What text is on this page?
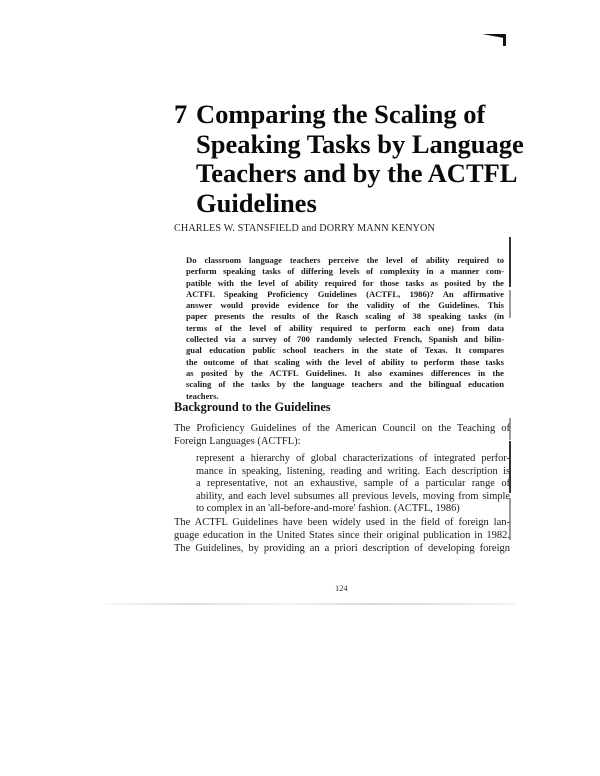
7 Comparing the Scaling of
Speaking Tasks by Language
Teachers and by the ACTFL
Guidelines
CHARLES W. STANSFIELD and DORRY MANN KENYON
Do classroom language teachers perceive the level of ability required to
perform speaking tasks of differing levels of complexity in a manner com-
patible with the level of ability required for those tasks as posited by the
ACTFL Speaking Proficiency Guidelines (ACTFL, 1986)? An affirmative
answer would provide evidence for the validity of the Guidelines. This
paper presents the results of the Rasch scaling of 38 speaking tasks (in
terms of the level of ability required to perform each one) from data
collected via a survey of 700 randomly selected French, Spanish and bilin-
gual education public school teachers in the state of Texas. It compares
the outcome of that scaling with the level of ability to perform those tasks
as posited by the ACTFL Guidelines. It also examines differences in the
scaling of the tasks by the language teachers and the bilingual education
teachers.
Background to the Guidelines
The Proficiency Guidelines of the American Council on the Teaching of
Foreign Languages (ACTFL):
represent a hierarchy of global characterizations of integrated perfor-
mance in speaking, listening, reading and writing. Each description is
a representative, not an exhaustive, sample of a particular range of
ability, and each level subsumes all previous levels, moving from simple
to complex in an 'all-before-and-more' fashion. (ACTFL, 1986)
The ACTFL Guidelines have been widely used in the field of foreign lan-
guage education in the United States since their original publication in 1982.
The Guidelines, by providing an a priori description of developing foreign
124
